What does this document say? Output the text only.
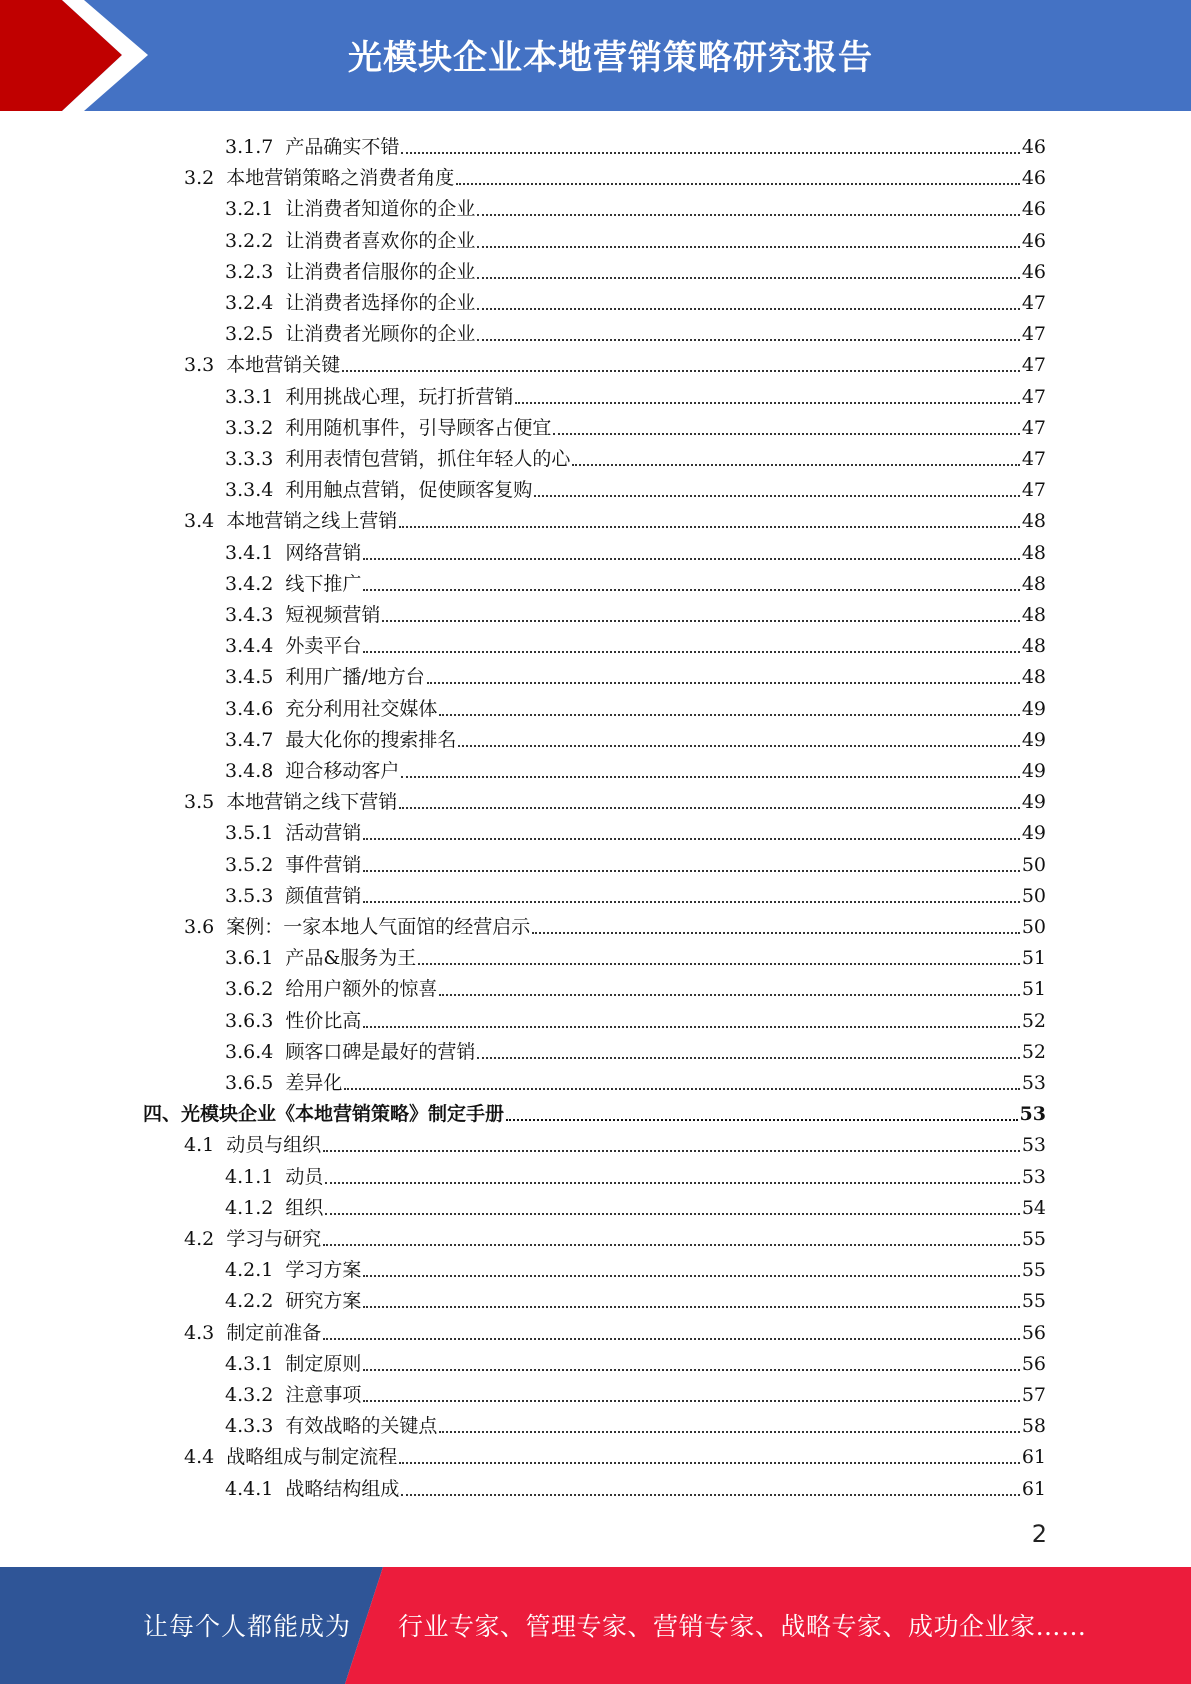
光模块企业本地营销策略研究报告
3.1.7 产品确实不错	46
3.2 本地营销策略之消费者角度	46
3.2.1 让消费者知道你的企业	46
3.2.2 让消费者喜欢你的企业	46
3.2.3 让消费者信服你的企业	46
3.2.4 让消费者选择你的企业	47
3.2.5 让消费者光顾你的企业	47
3.3 本地营销关键	47
3.3.1 利用挑战心理，玩打折营销	47
3.3.2 利用随机事件，引导顾客占便宜	47
3.3.3 利用表情包营销，抓住年轻人的心	47
3.3.4 利用触点营销，促使顾客复购	47
3.4 本地营销之线上营销	48
3.4.1 网络营销	48
3.4.2 线下推广	48
3.4.3 短视频营销	48
3.4.4 外卖平台	48
3.4.5 利用广播/地方台	48
3.4.6 充分利用社交媒体	49
3.4.7 最大化你的搜索排名	49
3.4.8 迎合移动客户	49
3.5 本地营销之线下营销	49
3.5.1 活动营销	49
3.5.2 事件营销	50
3.5.3 颜值营销	50
3.6 案例：一家本地人气面馆的经营启示	50
3.6.1 产品&服务为王	51
3.6.2 给用户额外的惊喜	51
3.6.3 性价比高	52
3.6.4 顾客口碑是最好的营销	52
3.6.5 差异化	53
四、光模块企业《本地营销策略》制定手册	53
4.1 动员与组织	53
4.1.1 动员	53
4.1.2 组织	54
4.2 学习与研究	55
4.2.1 学习方案	55
4.2.2 研究方案	55
4.3 制定前准备	56
4.3.1 制定原则	56
4.3.2 注意事项	57
4.3.3 有效战略的关键点	58
4.4 战略组成与制定流程	61
4.4.1 战略结构组成	61
2
让每个人都能成为 行业专家、管理专家、营销专家、战略专家、成功企业家……
